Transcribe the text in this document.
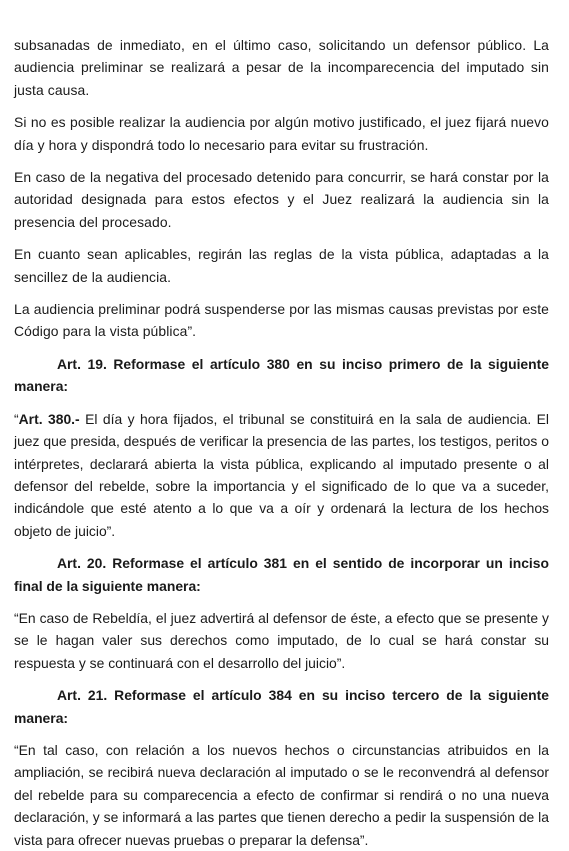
subsanadas de inmediato, en el último caso, solicitando un defensor público. La audiencia preliminar se realizará a pesar de la incomparecencia del imputado sin justa causa.

Si no es posible realizar la audiencia por algún motivo justificado, el juez fijará nuevo día y hora y dispondrá todo lo necesario para evitar su frustración.

En caso de la negativa del procesado detenido para concurrir, se hará constar por la autoridad designada para estos efectos y el Juez realizará la audiencia sin la presencia del procesado.

En cuanto sean aplicables, regirán las reglas de la vista pública, adaptadas a la sencillez de la audiencia.

La audiencia preliminar podrá suspenderse por las mismas causas previstas por este Código para la vista pública”.

Art. 19. Reformase el artículo 380 en su inciso primero de la siguiente manera:

“Art. 380.- El día y hora fijados, el tribunal se constituirá en la sala de audiencia. El juez que presida, después de verificar la presencia de las partes, los testigos, peritos o intérpretes, declarará abierta la vista pública, explicando al imputado presente o al defensor del rebelde, sobre la importancia y el significado de lo que va a suceder, indicándole que esté atento a lo que va a oír y ordenará la lectura de los hechos objeto de juicio”.

Art. 20. Reformase el artículo 381 en el sentido de incorporar un inciso final de la siguiente manera:

“En caso de Rebeldía, el juez advertirá al defensor de éste, a efecto que se presente y se le hagan valer sus derechos como imputado, de lo cual se hará constar su respuesta y se continuará con el desarrollo del juicio”.

Art. 21. Reformase el artículo 384 en su inciso tercero de la siguiente manera:

“En tal caso, con relación a los nuevos hechos o circunstancias atribuidos en la ampliación, se recibirá nueva declaración al imputado o se le reconvendrá al defensor del rebelde para su comparecencia a efecto de confirmar si rendirá o no una nueva declaración, y se informará a las partes que tienen derecho a pedir la suspensión de la vista para ofrecer nuevas pruebas o preparar la defensa”.
